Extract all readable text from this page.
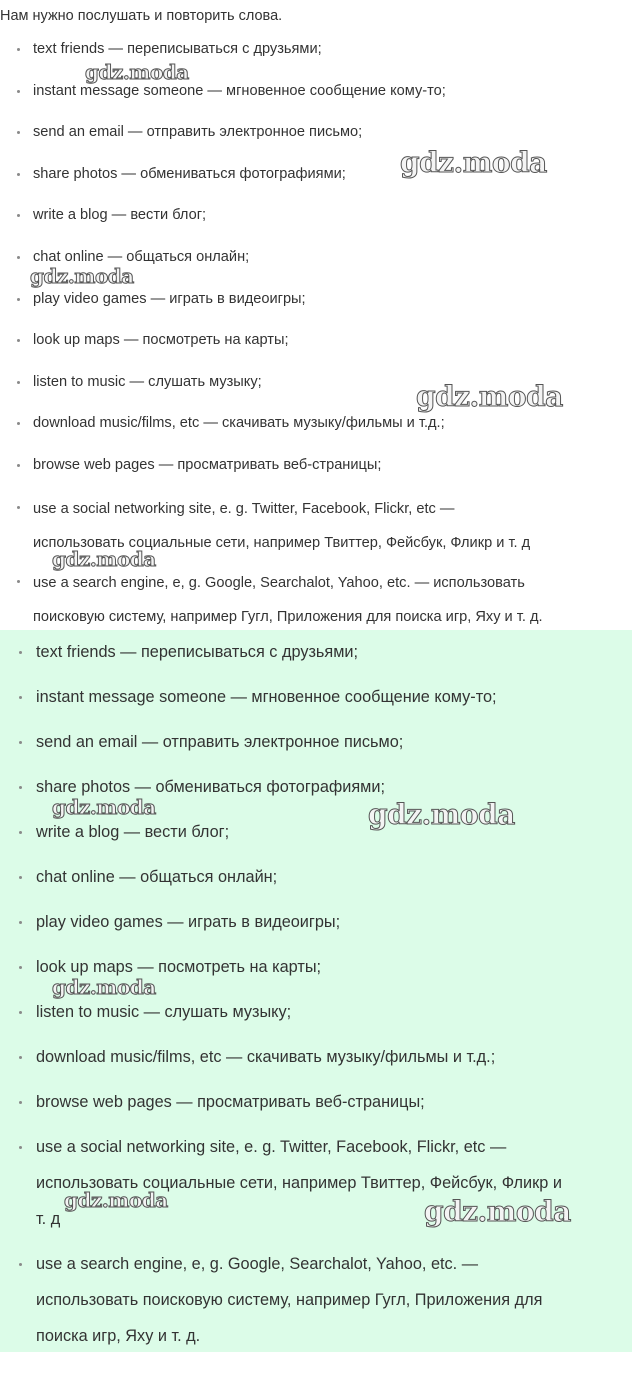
Нам нужно послушать и повторить слова.

text friends — переписываться с друзьями;
instant message someone — мгновенное сообщение кому-то;
send an email — отправить электронное письмо;
share photos — обмениваться фотографиями;
write a blog — вести блог;
chat online — общаться онлайн;
play video games — играть в видеоигры;
look up maps — посмотреть на карты;
listen to music — слушать музыку;
download music/films, etc — скачивать музыку/фильмы и т.д.;
browse web pages — просматривать веб-страницы;
use a social networking site, e. g. Twitter, Facebook, Flickr, etc —
использовать социальные сети, например Твиттер, Фейсбук, Фликр и т. д
use a search engine, e, g. Google, Searchalot, Yahoo, etc. — использовать
поисковую систему, например Гугл, Приложения для поиска игр, Яху и т. д.
text friends — переписываться с друзьями;
instant message someone — мгновенное сообщение кому-то;
send an email — отправить электронное письмо;
share photos — обмениваться фотографиями;
write a blog — вести блог;
chat online — общаться онлайн;
play video games — играть в видеоигры;
look up maps — посмотреть на карты;
listen to music — слушать музыку;
download music/films, etc — скачивать музыку/фильмы и т.д.;
browse web pages — просматривать веб-страницы;
use a social networking site, e. g. Twitter, Facebook, Flickr, etc —
использовать социальные сети, например Твиттер, Фейсбук, Фликр и
т. д
use a search engine, e, g. Google, Searchalot, Yahoo, etc. —
использовать поисковую систему, например Гугл, Приложения для
поиска игр, Яху и т. д.
gdz.moda
gdz.moda
gdz.moda
gdz.moda
gdz.moda
gdz.moda	gdz.moda
gdz.moda
gdz.moda	gdz.moda
